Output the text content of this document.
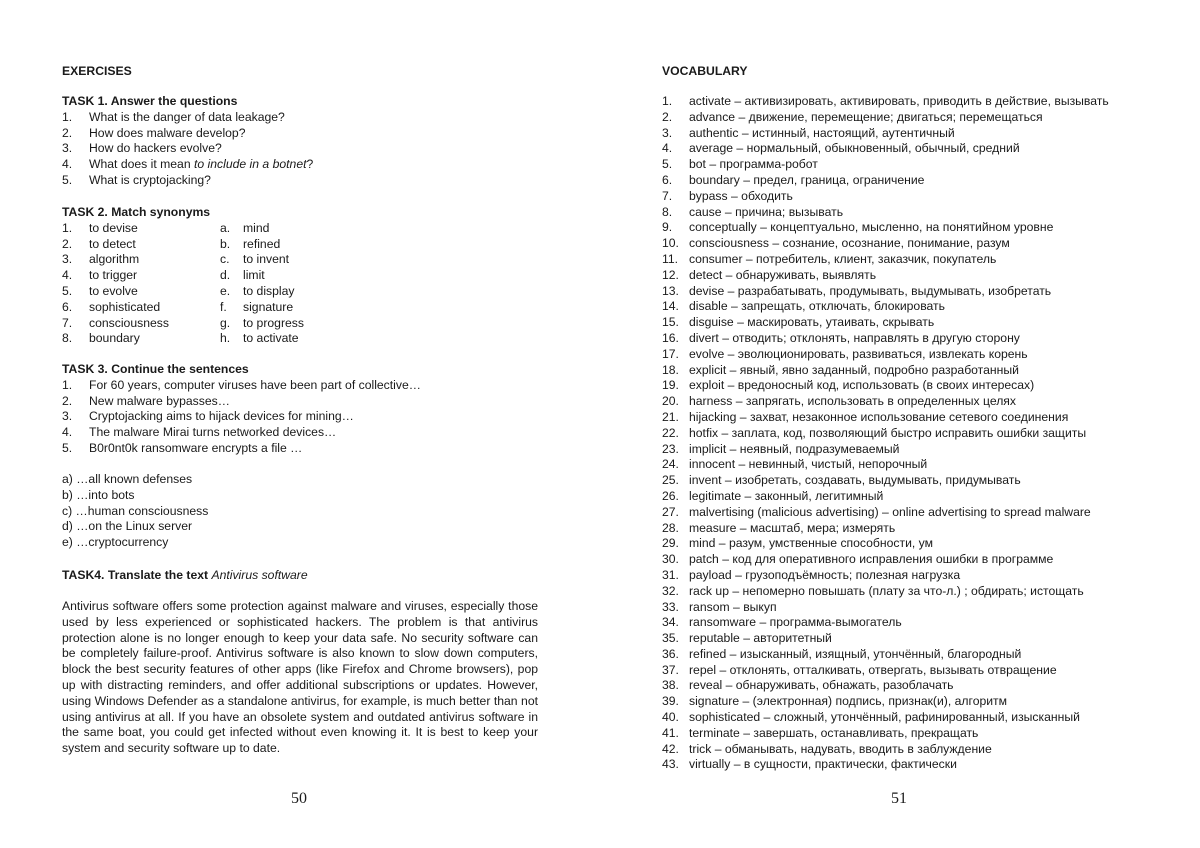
EXERCISES
TASK 1. Answer the questions
1. What is the danger of data leakage?
2. How does malware develop?
3. How do hackers evolve?
4. What does it mean to include in a botnet?
5. What is cryptojacking?
TASK 2. Match synonyms
1. to devise	a. mind
2. to detect	b. refined
3. algorithm	c. to invent
4. to trigger	d. limit
5. to evolve	e. to display
6. sophisticated	f. signature
7. consciousness	g. to progress
8. boundary	h. to activate
TASK 3. Continue the sentences
1. For 60 years, computer viruses have been part of collective…
2. New malware bypasses…
3. Cryptojacking aims to hijack devices for mining…
4. The malware Mirai turns networked devices…
5. B0r0nt0k ransomware encrypts a file …
a) …all known defenses
b) …into bots
c) …human consciousness
d) …on the Linux server
e) …cryptocurrency
TASK4. Translate the text Antivirus software
Antivirus software offers some protection against malware and viruses, especially those used by less experienced or sophisticated hackers. The problem is that antivirus protection alone is no longer enough to keep your data safe. No security software can be completely failure-proof. Antivirus software is also known to slow down computers, block the best security features of other apps (like Firefox and Chrome browsers), pop up with distracting reminders, and offer additional subscriptions or updates. However, using Windows Defender as a standalone antivirus, for example, is much better than not using antivirus at all. If you have an obsolete system and outdated antivirus software in the same boat, you could get infected without even knowing it. It is best to keep your system and security software up to date.
50
VOCABULARY
1. activate – активизировать, активировать, приводить в действие, вызывать
2. advance – движение, перемещение; двигаться; перемещаться
3. authentic – истинный, настоящий, аутентичный
4. average – нормальный, обыкновенный, обычный, средний
5. bot – программа-робот
6. boundary – предел, граница, ограничение
7. bypass – обходить
8. cause – причина; вызывать
9. conceptually – концептуально, мысленно, на понятийном уровне
10. consciousness – сознание, осознание, понимание, разум
11. consumer – потребитель, клиент, заказчик, покупатель
12. detect – обнаруживать, выявлять
13. devise – разрабатывать, продумывать, выдумывать, изобретать
14. disable – запрещать, отключать, блокировать
15. disguise – маскировать, утаивать, скрывать
16. divert – отводить; отклонять, направлять в другую сторону
17. evolve – эволюционировать, развиваться, извлекать корень
18. explicit – явный, явно заданный, подробно разработанный
19. exploit – вредоносный код, использовать (в своих интересах)
20. harness – запрягать, использовать в определенных целях
21. hijacking – захват, незаконное использование сетевого соединения
22. hotfix – заплата, код, позволяющий быстро исправить ошибки защиты
23. implicit – неявный, подразумеваемый
24. innocent – невинный, чистый, непорочный
25. invent – изобретать, создавать, выдумывать, придумывать
26. legitimate – законный, легитимный
27. malvertising (malicious advertising) – online advertising to spread malware
28. measure – масштаб, мера; измерять
29. mind – разум, умственные способности, ум
30. patch – код для оперативного исправления ошибки в программе
31. payload – грузоподъёмность; полезная нагрузка
32. rack up – непомерно повышать (плату за что-л.) ; обдирать; истощать
33. ransom – выкуп
34. ransomware – программа-вымогатель
35. reputable – авторитетный
36. refined – изысканный, изящный, утончённый, благородный
37. repel – отклонять, отталкивать, отвергать, вызывать отвращение
38. reveal – обнаруживать, обнажать, разоблачать
39. signature – (электронная) подпись, признак(и), алгоритм
40. sophisticated – сложный, утончённый, рафинированный, изысканный
41. terminate – завершать, останавливать, прекращать
42. trick – обманывать, надувать, вводить в заблуждение
43. virtually – в сущности, практически, фактически
51
